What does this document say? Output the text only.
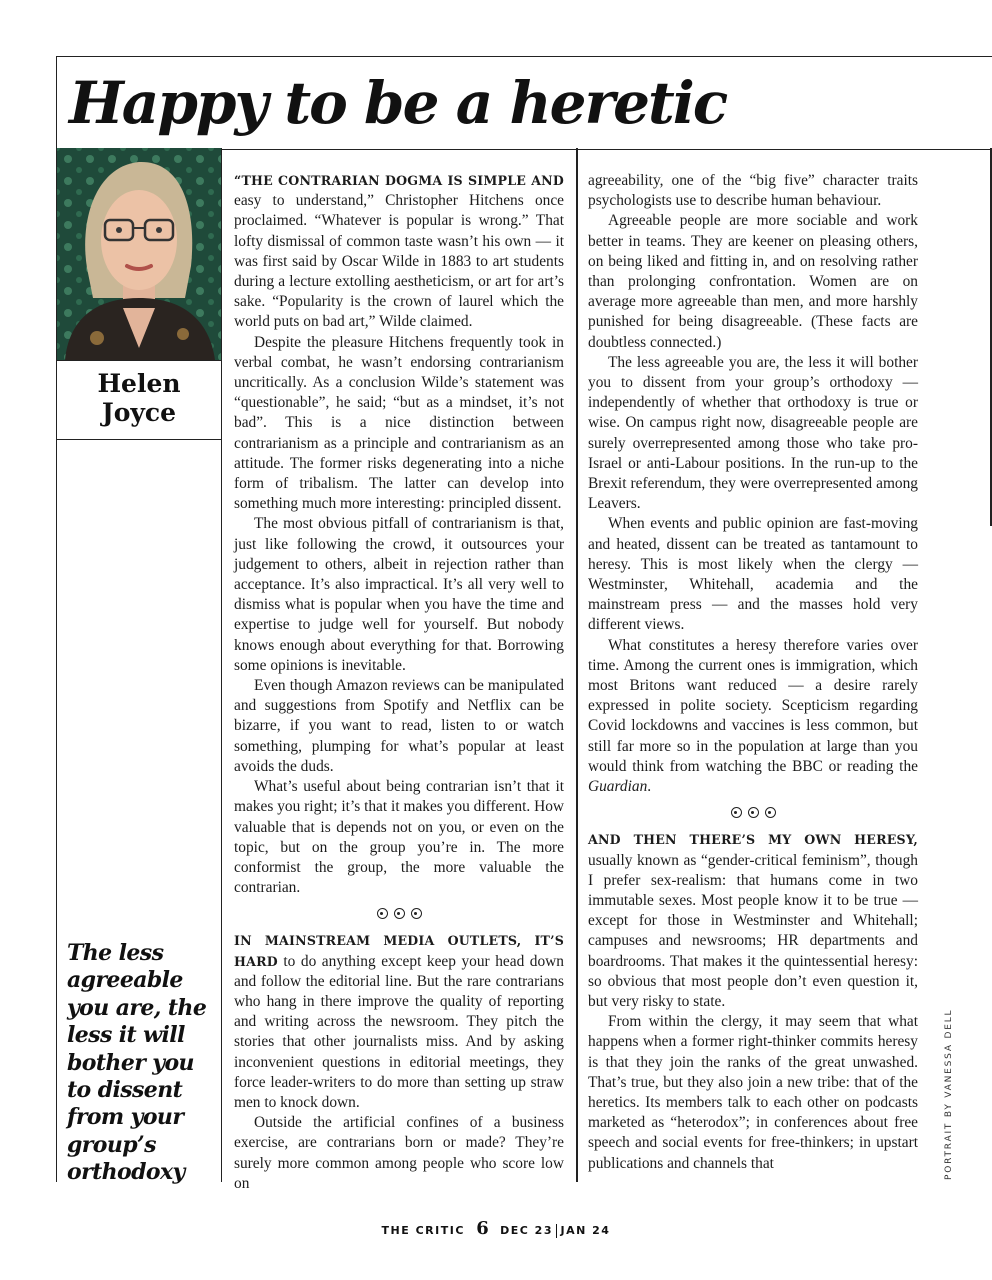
Happy to be a heretic
Helen
Joyce
The less agreeable you are, the less it will bother you to dissent from your group’s orthodoxy

“THE CONTRARIAN DOGMA IS SIMPLE AND easy to understand,” Christopher Hitchens once proclaimed. “Whatever is popular is wrong.” That lofty dismissal of common taste wasn’t his own — it was first said by Oscar Wilde in 1883 to art students during a lecture extolling aestheticism, or art for art’s sake. “Popularity is the crown of laurel which the world puts on bad art,” Wilde claimed.

Despite the pleasure Hitchens frequently took in verbal combat, he wasn’t endorsing contrarianism uncritically. As a conclusion Wilde’s statement was “questionable”, he said; “but as a mindset, it’s not bad”. This is a nice distinction between contrarianism as a principle and contrarianism as an attitude. The former risks degenerating into a niche form of tribalism. The latter can develop into something much more interesting: principled dissent.

The most obvious pitfall of contrarianism is that, just like following the crowd, it outsources your judgement to others, albeit in rejection rather than acceptance. It’s also impractical. It’s all very well to dismiss what is popular when you have the time and expertise to judge well for yourself. But nobody knows enough about everything for that. Borrowing some opinions is inevitable.

Even though Amazon reviews can be manipulated and suggestions from Spotify and Netflix can be bizarre, if you want to read, listen to or watch something, plumping for what’s popular at least avoids the duds.

What’s useful about being contrarian isn’t that it makes you right; it’s that it makes you different. How valuable that is depends not on you, or even on the topic, but on the group you’re in. The more conformist the group, the more valuable the contrarian.

IN MAINSTREAM MEDIA OUTLETS, IT’S HARD to do anything except keep your head down and follow the editorial line. But the rare contrarians who hang in there improve the quality of reporting and writing across the newsroom. They pitch the stories that other journalists miss. And by asking inconvenient questions in editorial meetings, they force leader-writers to do more than setting up straw men to knock down.

Outside the artificial confines of a business exercise, are contrarians born or made? They’re surely more common among people who score low on

agreeability, one of the “big five” character traits psychologists use to describe human behaviour.

Agreeable people are more sociable and work better in teams. They are keener on pleasing others, on being liked and fitting in, and on resolving rather than prolonging confrontation. Women are on average more agreeable than men, and more harshly punished for being disagreeable. (These facts are doubtless connected.)

The less agreeable you are, the less it will bother you to dissent from your group’s orthodoxy — independently of whether that orthodoxy is true or wise. On campus right now, disagreeable people are surely overrepresented among those who take pro-Israel or anti-Labour positions. In the run-up to the Brexit referendum, they were overrepresented among Leavers.

When events and public opinion are fast-moving and heated, dissent can be treated as tantamount to heresy. This is most likely when the clergy — Westminster, Whitehall, academia and the mainstream press — and the masses hold very different views.

What constitutes a heresy therefore varies over time. Among the current ones is immigration, which most Britons want reduced — a desire rarely expressed in polite society. Scepticism regarding Covid lockdowns and vaccines is less common, but still far more so in the population at large than you would think from watching the BBC or reading the Guardian.

AND THEN THERE’S MY OWN HERESY, usually known as “gender-critical feminism”, though I prefer sex-realism: that humans come in two immutable sexes. Most people know it to be true — except for those in Westminster and Whitehall; campuses and newsrooms; HR departments and boardrooms. That makes it the quintessential heresy: so obvious that most people don’t even question it, but very risky to state.

From within the clergy, it may seem that what happens when a former right-thinker commits heresy is that they join the ranks of the great unwashed. That’s true, but they also join a new tribe: that of the heretics. Its members talk to each other on podcasts marketed as “heterodox”; in conferences about free speech and social events for free-thinkers; in upstart publications and channels that	PORTRAIT BY VANESSA DELL
THE CRITIC 6 DEC 23 JAN 24
